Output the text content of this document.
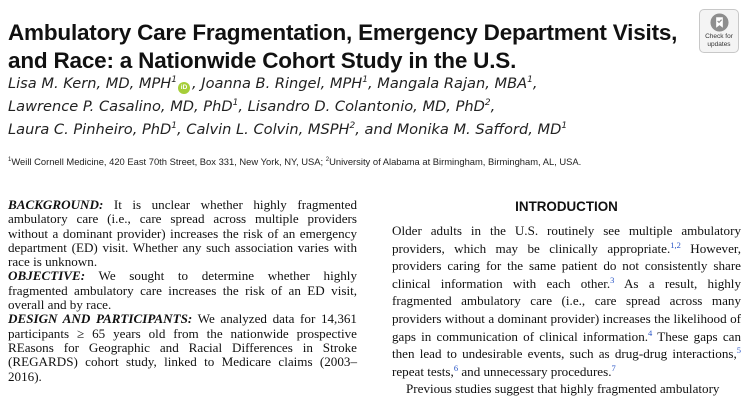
Ambulatory Care Fragmentation, Emergency Department Visits, and Race: a Nationwide Cohort Study in the U.S.
Check for
updates
Lisa M. Kern, MD, MPH$^1$iD , Joanna B. Ringel, MPH$^1$, Mangala Rajan, MBA$^1$,
Lawrence P. Casalino, MD, PhD$^1$, Lisandro D. Colantonio, MD, PhD$^2$,
Laura C. Pinheiro, PhD$^1$, Calvin L. Colvin, MSPH$^2$, and Monika M. Safford, $MD^1$
$^1$Weill Cornell Medicine, 420 East 70th Street, Box 331, New York, NY, USA; $^2$University of Alabama at Birmingham, Birmingham, AL, USA.

BACKGROUND: It is unclear whether highly fragmented ambulatory care (i.e., care spread across multiple providers without a dominant provider) increases the risk of an emergency department (ED) visit. Whether any such association varies with race is unknown.

OBJECTIVE: We sought to determine whether highly fragmented ambulatory care increases the risk of an ED visit, overall and by race.

DESIGN AND PARTICIPANTS: We analyzed data for 14,361 participants ≥ 65 years old from the nationwide prospective REasons for Geographic and Racial Differences in Stroke (REGARDS) cohort study, linked to Medicare claims (2003–2016).

INTRODUCTION

Older adults in the U.S. routinely see multiple ambulatory providers, which may be clinically appropriate.$^{1,2}$ However, providers caring for the same patient do not consistently share clinical information with each other.$^3$ As a result, highly fragmented ambulatory care (i.e., care spread across many providers without a dominant provider) increases the likelihood of gaps in communication of clinical information.$^4$ These gaps can then lead to undesirable events, such as drug-drug interactions,$^5$ repeat tests,$^6$ and unnecessary procedures.$^7$

Previous studies suggest that highly fragmented ambulatory
